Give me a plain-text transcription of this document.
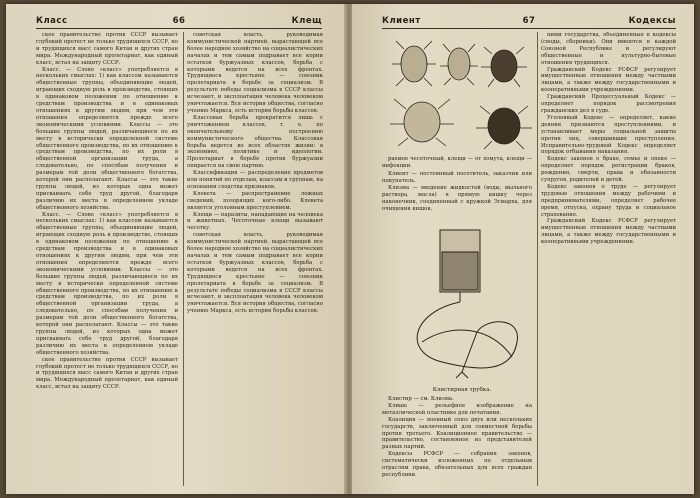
Класс	66	Клещ

ское правительство против СССР вызывает глубокий протест не только трудящихся СССР, но и трудящихся масс самого Китая и других стран мира. Международный пролетариат, как единый класс, встал на защиту СССР.

Класс. — Слово «класс» употребляется в нескольких смыслах: 1) как классом называются общественные группы, объединяющие людей, играющих сходную роль в производстве, стоящих в одинаковом положении по отношению к средствам производства и в одинаковых отношениях к другим людям, при чем эти отношения определяются прежде всего экономическими условиями. Классы — это большие группы людей, различающиеся по их месту в исторически определенной системе общественного производства, по их отношению к средствам производства, по их роли в общественной организации труда, а следовательно, по способам получения и размерам той доли общественного богатства, которой они располагают. Классы — это такие группы людей, из которых одна может присваивать себе труд другой, благодаря различию их места в определенном укладе общественного хозяйства.

Класс. — Слово «класс» употребляется в нескольких смыслах: 1) как классом называются общественные группы, объединяющие людей, играющих сходную роль в производстве, стоящих в одинаковом положении по отношению к средствам производства и в одинаковых отношениях к другим людям, при чем эти отношения определяются прежде всего экономическими условиями. Классы — это большие группы людей, различающиеся по их месту в исторически определенной системе общественного производства, по их отношению к средствам производства, по их роли в общественной организации труда, а следовательно, по способам получения и размерам той доли общественного богатства, которой они располагают. Классы — это такие группы людей, из которых одна может присваивать себе труд другой, благодаря различию их места в определенном укладе общественного хозяйства.

ское правительство против СССР вызывает глубокий протест не только трудящихся СССР, но и трудящихся масс самого Китая и других стран мира. Международный пролетариат, как единый класс, встал на защиту СССР.

советская власть, руководимая коммунистической партией, вырастающей все более народное хозяйство на социалистических началах и тем самым подрывает все корни остатков буржуазных классов, борьба с которыми ведется на всех фронтах. Трудящиеся крестьяне — союзник пролетариата в борьбе за социализм. В результате победы социализма в СССР классы исчезают, и эксплоатация человека человеком уничтожается. Вся история общества, согласно учению Маркса, есть история борьбы классов.

Классовая борьба прекратится лишь с уничтожением классов, т. е. по окончательному построению коммунистического общества. Классовая борьба ведется во всех областях жизни: в экономике, политике и идеологии. Пролетариат в борьбе против буржуазии опирается на свою партию.

Классификация — распределение предметов или понятий по отделам, классам и группам, на основании сходства признаков.

Клевета — распространение ложных сведений, позорящих кого-либо. Клевета является уголовным преступлением.

Клещи — паразиты, нападающие на человека и животных. Чесоточные клещи вызывают чесотку.

советская власть, руководимая коммунистической партией, вырастающей все более народное хозяйство на социалистических началах и тем самым подрывает все корни остатков буржуазных классов, борьба с которыми ведется на всех фронтах. Трудящиеся крестьяне — союзник пролетариата в борьбе за социализм. В результате победы социализма в СССР классы исчезают, и эксплоатация человека человеком уничтожается. Вся история общества, согласно учению Маркса, есть история борьбы классов.

Клиент	67	Кодексы

раемое чесоточный, клещи — от хомута, клещи — инфекции.

Клиент — постоянный посетитель, заказчик или покупатель.

Клизма — введение жидкостей (воды, мыльного раствора, масла) в прямую кишку через наконечник, соединенный с кружкой Эсмарха, для очищения кишок.

Клистирная трубка.

Клистир — см. Клизма.

Клише — рельефное изображение на металлической пластинке для печатания.

Коалиция — военный союз двух или нескольких государств, заключенный для совместной борьбы против третьего. Коалиционное правительство — правительство, составленное из представителей разных партий.

Кодексы РСФСР — собрания законов, систематически изложенных по отдельным отраслям права, обязательных для всех граждан республики.

ними государства, объединенные в кодексы (своды, сборники). Они имеются в каждой Союзной Республике и регулируют общественные и культурно-бытовые отношения трудящихся.

Гражданский Кодекс РСФСР регулирует имущественные отношения между частными лицами, а также между государственными и кооперативными учреждениями.

Гражданский Процессуальный Кодекс — определяет порядок рассмотрения гражданских дел в суде.

Уголовный Кодекс — определяет, какие деяния признаются преступлениями, и устанавливает меры социальной защиты против лиц, совершивших преступления. Исправительно-трудовой Кодекс определяет порядок отбывания наказания.

Кодекс законов о браке, семье и опеке — определяет порядок регистрации браков, рождения, смерти, права и обязанности супругов, родителей и детей.

Кодекс законов о труде — регулирует трудовые отношения между рабочими и предпринимателями, определяет рабочее время, отпуска, охрану труда и социальное страхование.

Гражданский Кодекс РСФСР регулирует имущественные отношения между частными лицами, а также между государственными и кооперативными учреждениями.
